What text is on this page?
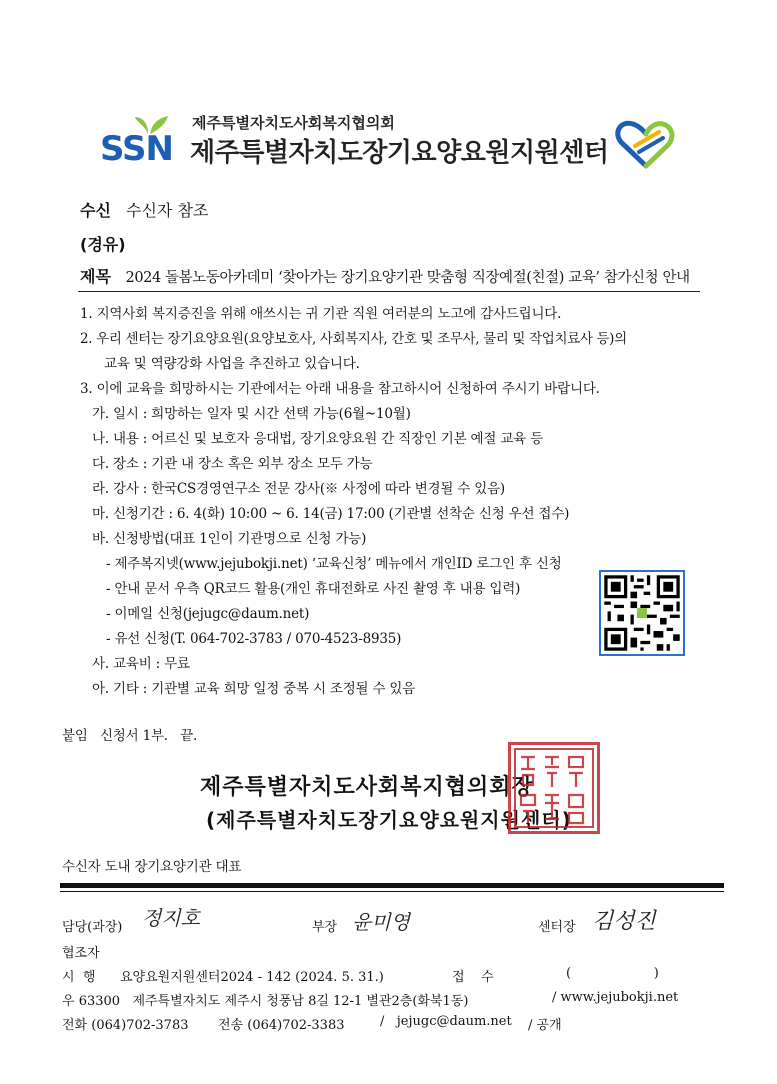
SSN
제주특별자치도사회복지협의회
제주특별자치도장기요양요원지원센터
수신 수신자 참조
(경유)
제목 2024 돌봄노동아카데미 ‘찾아가는 장기요양기관 맞춤형 직장예절(친절) 교육’ 참가신청 안내
1. 지역사회 복지증진을 위해 애쓰시는 귀 기관 직원 여러분의 노고에 감사드립니다.
2. 우리 센터는 장기요양요원(요양보호사, 사회복지사, 간호 및 조무사, 물리 및 작업치료사 등)의
교육 및 역량강화 사업을 추진하고 있습니다.
3. 이에 교육을 희망하시는 기관에서는 아래 내용을 참고하시어 신청하여 주시기 바랍니다.
가. 일시 : 희망하는 일자 및 시간 선택 가능(6월~10월)
나. 내용 : 어르신 및 보호자 응대법, 장기요양요원 간 직장인 기본 예절 교육 등
다. 장소 : 기관 내 장소 혹은 외부 장소 모두 가능
라. 강사 : 한국CS경영연구소 전문 강사(※ 사정에 따라 변경될 수 있음)
마. 신청기간 : 6. 4(화) 10:00 ~ 6. 14(금) 17:00 (기관별 선착순 신청 우선 접수)
바. 신청방법(대표 1인이 기관명으로 신청 가능)
- 제주복지넷(www.jejubokji.net) ‘교육신청’ 메뉴에서 개인ID 로그인 후 신청
- 안내 문서 우측 QR코드 활용(개인 휴대전화로 사진 촬영 후 내용 입력)
- 이메일 신청(jejugc@daum.net)
- 유선 신청(T. 064-702-3783 / 070-4523-8935)
사. 교육비 : 무료
아. 기타 : 기관별 교육 희망 일정 중복 시 조정될 수 있음
붙임   신청서 1부.   끝.
제주특별자치도사회복지협의회장
(제주특별자치도장기요양요원지원센터)
수신자 도내 장기요양기관 대표
담당(과장) 정지호	부장 윤미영	센터장 김성진
협조자
시  행 요양요원지원센터2024 - 142 (2024. 5. 31.)	접    수	(                    )
우 63300   제주특별자치도 제주시 청풍남 8길 12-1 별관2층(화북1동)	/ www.jejubokji.net
전화 (064)702-3783 전송 (064)702-3383	/   jejugc@daum.net / 공개
